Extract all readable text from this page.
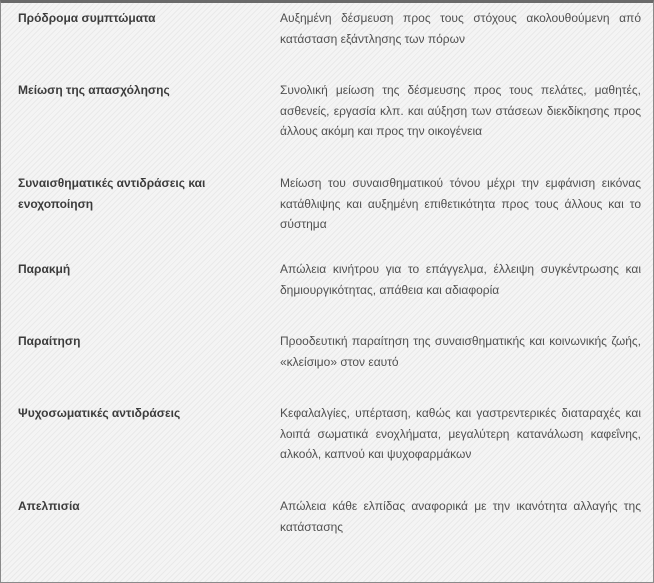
Πρόδρομα συμπτώματα	Αυξημένη δέσμευση προς τους στόχους ακολουθούμενη από κατάσταση εξάντλησης των πόρων
Μείωση της απασχόλησης	Συνολική μείωση της δέσμευσης προς τους πελάτες, μαθητές, ασθενείς, εργασία κλπ. και αύξηση των στάσεων διεκδίκησης προς άλλους ακόμη και προς την οικογένεια
Συναισθηματικές αντιδράσεις και ενοχοποίηση	Μείωση του συναισθηματικού τόνου μέχρι την εμφάνιση εικόνας κατάθλιψης και αυξημένη επιθετικότητα προς τους άλλους και το σύστημα
Παρακμή	Απώλεια κινήτρου για το επάγγελμα, έλλειψη συγκέντρωσης και δημιουργικότητας, απάθεια και αδιαφορία
Παραίτηση	Προοδευτική παραίτηση της συναισθηματικής και κοινωνικής ζωής, «κλείσιμο» στον εαυτό
Ψυχοσωματικές αντιδράσεις	Κεφαλαλγίες, υπέρταση, καθώς και γαστρεντερικές διαταραχές και λοιπά σωματικά ενοχλήματα, μεγαλύτερη κατανάλωση καφεΐνης, αλκοόλ, καπνού και ψυχοφαρμάκων
Απελπισία	Απώλεια κάθε ελπίδας αναφορικά με την ικανότητα αλλαγής της κατάστασης
